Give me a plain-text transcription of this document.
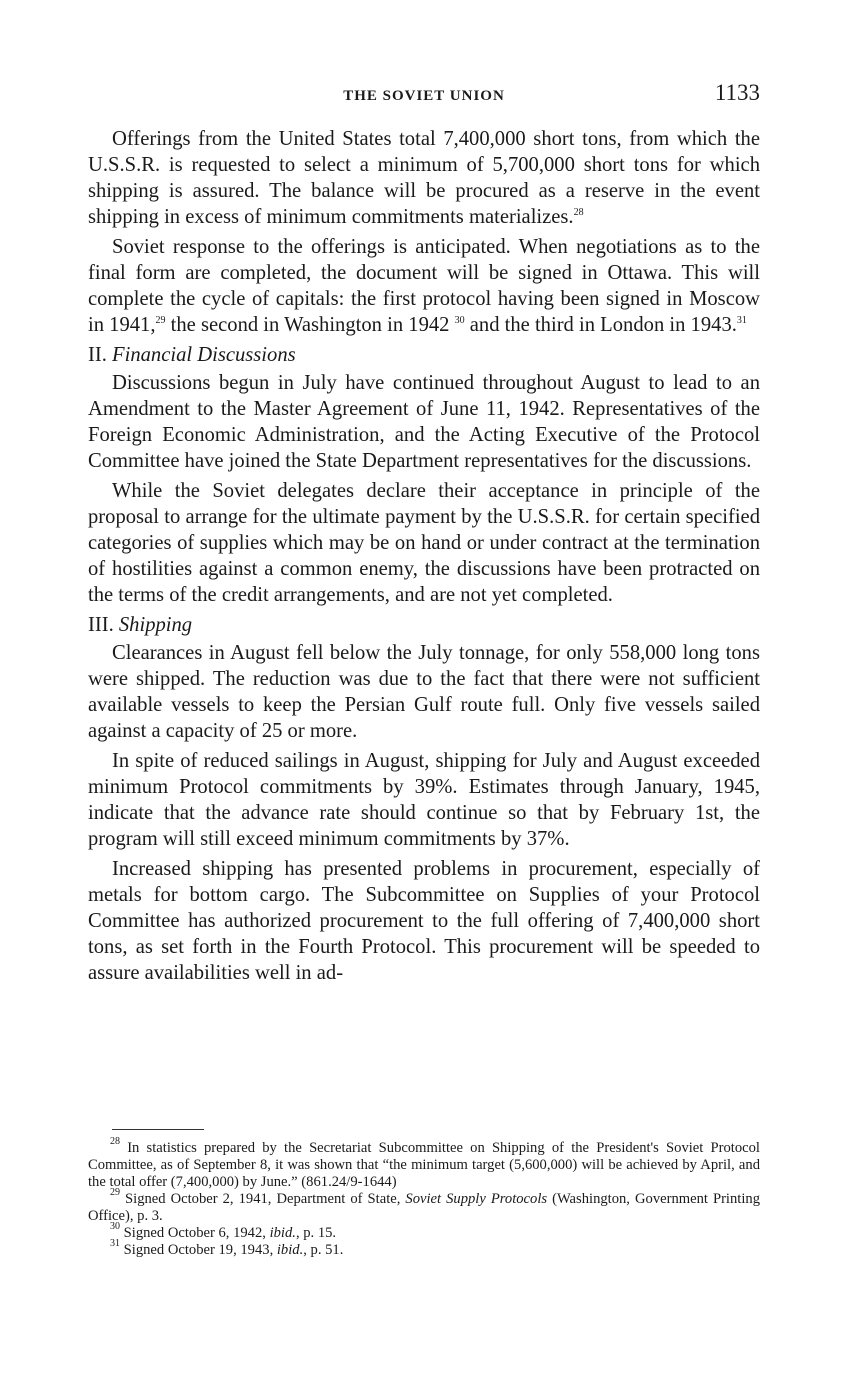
THE SOVIET UNION	1133

Offerings from the United States total 7,400,000 short tons, from which the U.S.S.R. is requested to select a minimum of 5,700,000 short tons for which shipping is assured. The balance will be procured as a reserve in the event shipping in excess of minimum commitments materializes.$^{28}$

Soviet response to the offerings is anticipated. When negotiations as to the final form are completed, the document will be signed in Ottawa. This will complete the cycle of capitals: the first protocol having been signed in Moscow in 1941,29 the second in Washington in 1942 $^{30}$ and the third in London in 1943.31

II. Financial Discussions

Discussions begun in July have continued throughout August to lead to an Amendment to the Master Agreement of June 11, 1942. Representatives of the Foreign Economic Administration, and the Acting Executive of the Protocol Committee have joined the State Department representatives for the discussions.

While the Soviet delegates declare their acceptance in principle of the proposal to arrange for the ultimate payment by the U.S.S.R. for certain specified categories of supplies which may be on hand or under contract at the termination of hostilities against a common enemy, the discussions have been protracted on the terms of the credit arrangements, and are not yet completed.

III. Shipping

Clearances in August fell below the July tonnage, for only 558,000 long tons were shipped. The reduction was due to the fact that there were not sufficient available vessels to keep the Persian Gulf route full. Only five vessels sailed against a capacity of 25 or more.

In spite of reduced sailings in August, shipping for July and August exceeded minimum Protocol commitments by 39%. Estimates through January, 1945, indicate that the advance rate should continue so that by February 1st, the program will still exceed minimum commitments by 37%.

Increased shipping has presented problems in procurement, especially of metals for bottom cargo. The Subcommittee on Supplies of your Protocol Committee has authorized procurement to the full offering of 7,400,000 short tons, as set forth in the Fourth Protocol. This procurement will be speeded to assure availabilities well in ad-

$^{28}$ In statistics prepared by the Secretariat Subcommittee on Shipping of the President's Soviet Protocol Committee, as of September 8, it was shown that “the minimum target (5,600,000) will be achieved by April, and the total offer (7,400,000) by June.” (861.24/9-1644)

$^{29}$ Signed October 2, 1941, Department of State, Soviet Supply Protocols (Washington, Government Printing Office), p. 3.

$^{30}$ Signed October 6, 1942, ibid., p. 15.

$^{31}$ Signed October 19, 1943, ibid., p. 51.
